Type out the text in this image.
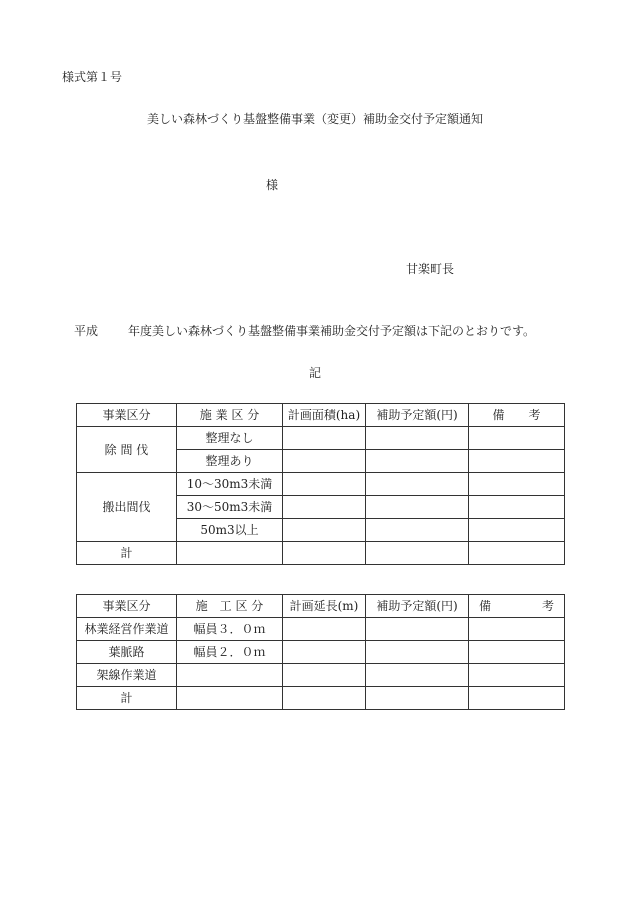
様式第１号
美しい森林づくり基盤整備事業（変更）補助金交付予定額通知
様
甘楽町長
平成	年度美しい森林づくり基盤整備事業補助金交付予定額は下記のとおりです。
記
事業区分	施 業 区 分	計画面積(ha)	補助予定額(円)	備　　考
除 間 伐	整理なし			
	整理あり			
搬出間伐	10～30m3未満			
	30～50m3未満			
	50m3以上			
計				
事業区分	施　工 区 分	計画延長(m)	補助予定額(円)	備 考

林業経営作業道	幅員３．０ｍ			
葉脈路	幅員２．０ｍ			
架線作業道				
計				
